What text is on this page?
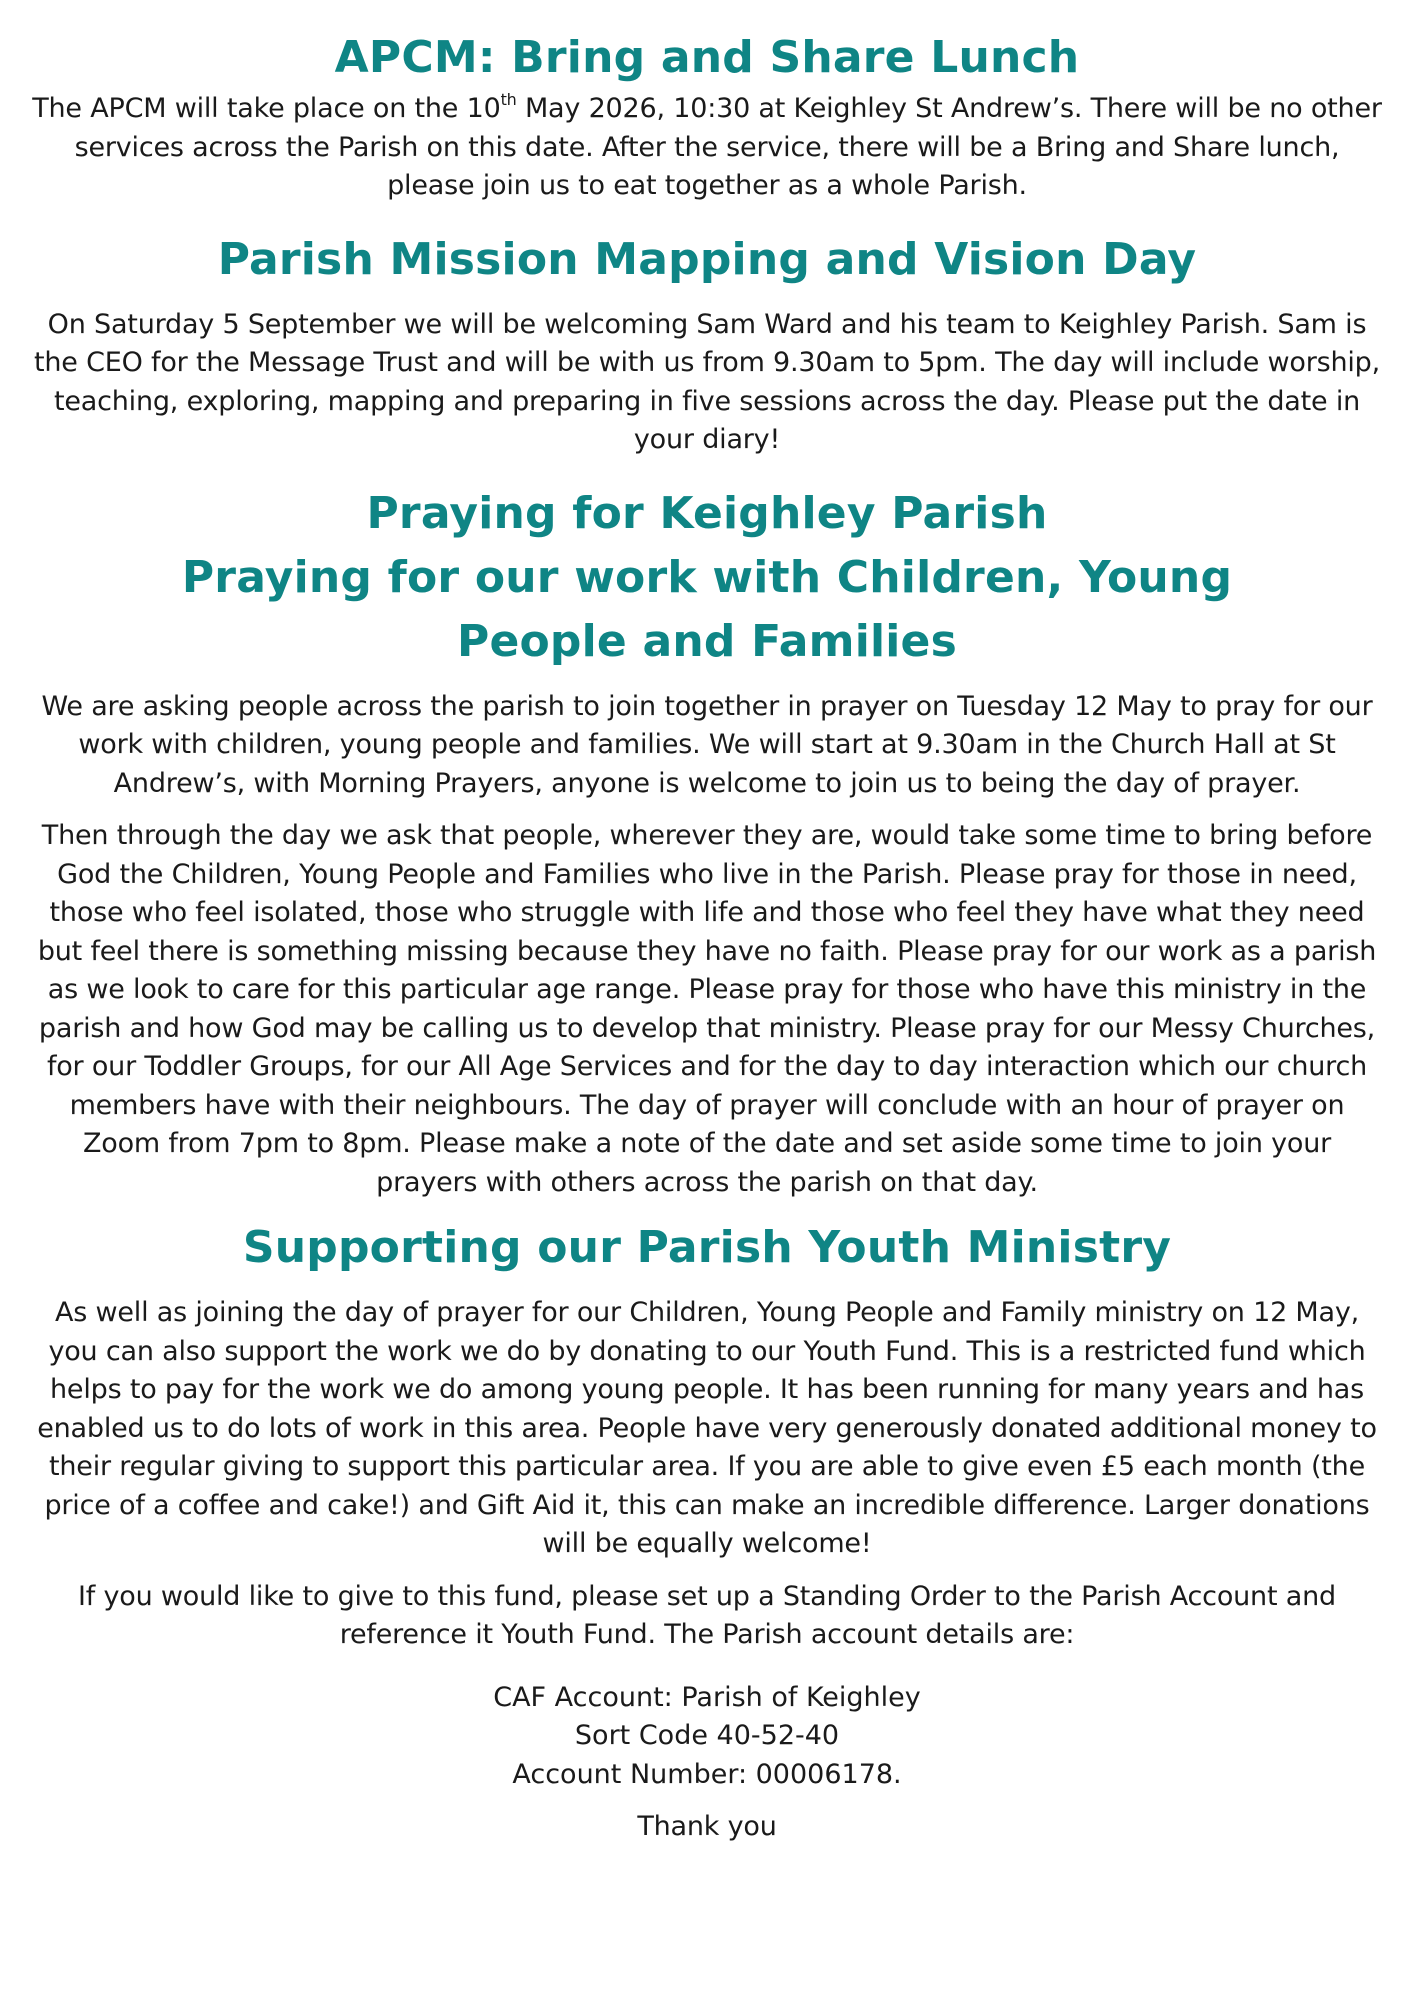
APCM: Bring and Share Lunch

The APCM will take place on the 10th May 2026, 10:30 at Keighley St Andrew’s. There will be no other services across the Parish on this date. After the service, there will be a Bring and Share lunch, please join us to eat together as a whole Parish.

Parish Mission Mapping and Vision Day

On Saturday 5 September we will be welcoming Sam Ward and his team to Keighley Parish. Sam is the CEO for the Message Trust and will be with us from 9.30am to 5pm. The day will include worship, teaching, exploring, mapping and preparing in five sessions across the day. Please put the date in your diary!

Praying for Keighley Parish
Praying for our work with Children, Young People and Families

We are asking people across the parish to join together in prayer on Tuesday 12 May to pray for our work with children, young people and families. We will start at 9.30am in the Church Hall at St Andrew’s, with Morning Prayers, anyone is welcome to join us to being the day of prayer.

Then through the day we ask that people, wherever they are, would take some time to bring before God the Children, Young People and Families who live in the Parish. Please pray for those in need, those who feel isolated, those who struggle with life and those who feel they have what they need but feel there is something missing because they have no faith. Please pray for our work as a parish as we look to care for this particular age range. Please pray for those who have this ministry in the parish and how God may be calling us to develop that ministry. Please pray for our Messy Churches, for our Toddler Groups, for our All Age Services and for the day to day interaction which our church members have with their neighbours. The day of prayer will conclude with an hour of prayer on Zoom from 7pm to 8pm. Please make a note of the date and set aside some time to join your prayers with others across the parish on that day.

Supporting our Parish Youth Ministry

As well as joining the day of prayer for our Children, Young People and Family ministry on 12 May, you can also support the work we do by donating to our Youth Fund. This is a restricted fund which helps to pay for the work we do among young people. It has been running for many years and has enabled us to do lots of work in this area. People have very generously donated additional money to their regular giving to support this particular area. If you are able to give even £5 each month (the price of a coffee and cake!) and Gift Aid it, this can make an incredible difference. Larger donations will be equally welcome!

If you would like to give to this fund, please set up a Standing Order to the Parish Account and reference it Youth Fund. The Parish account details are:

CAF Account: Parish of Keighley
Sort Code 40-52-40
Account Number: 00006178.

Thank you
